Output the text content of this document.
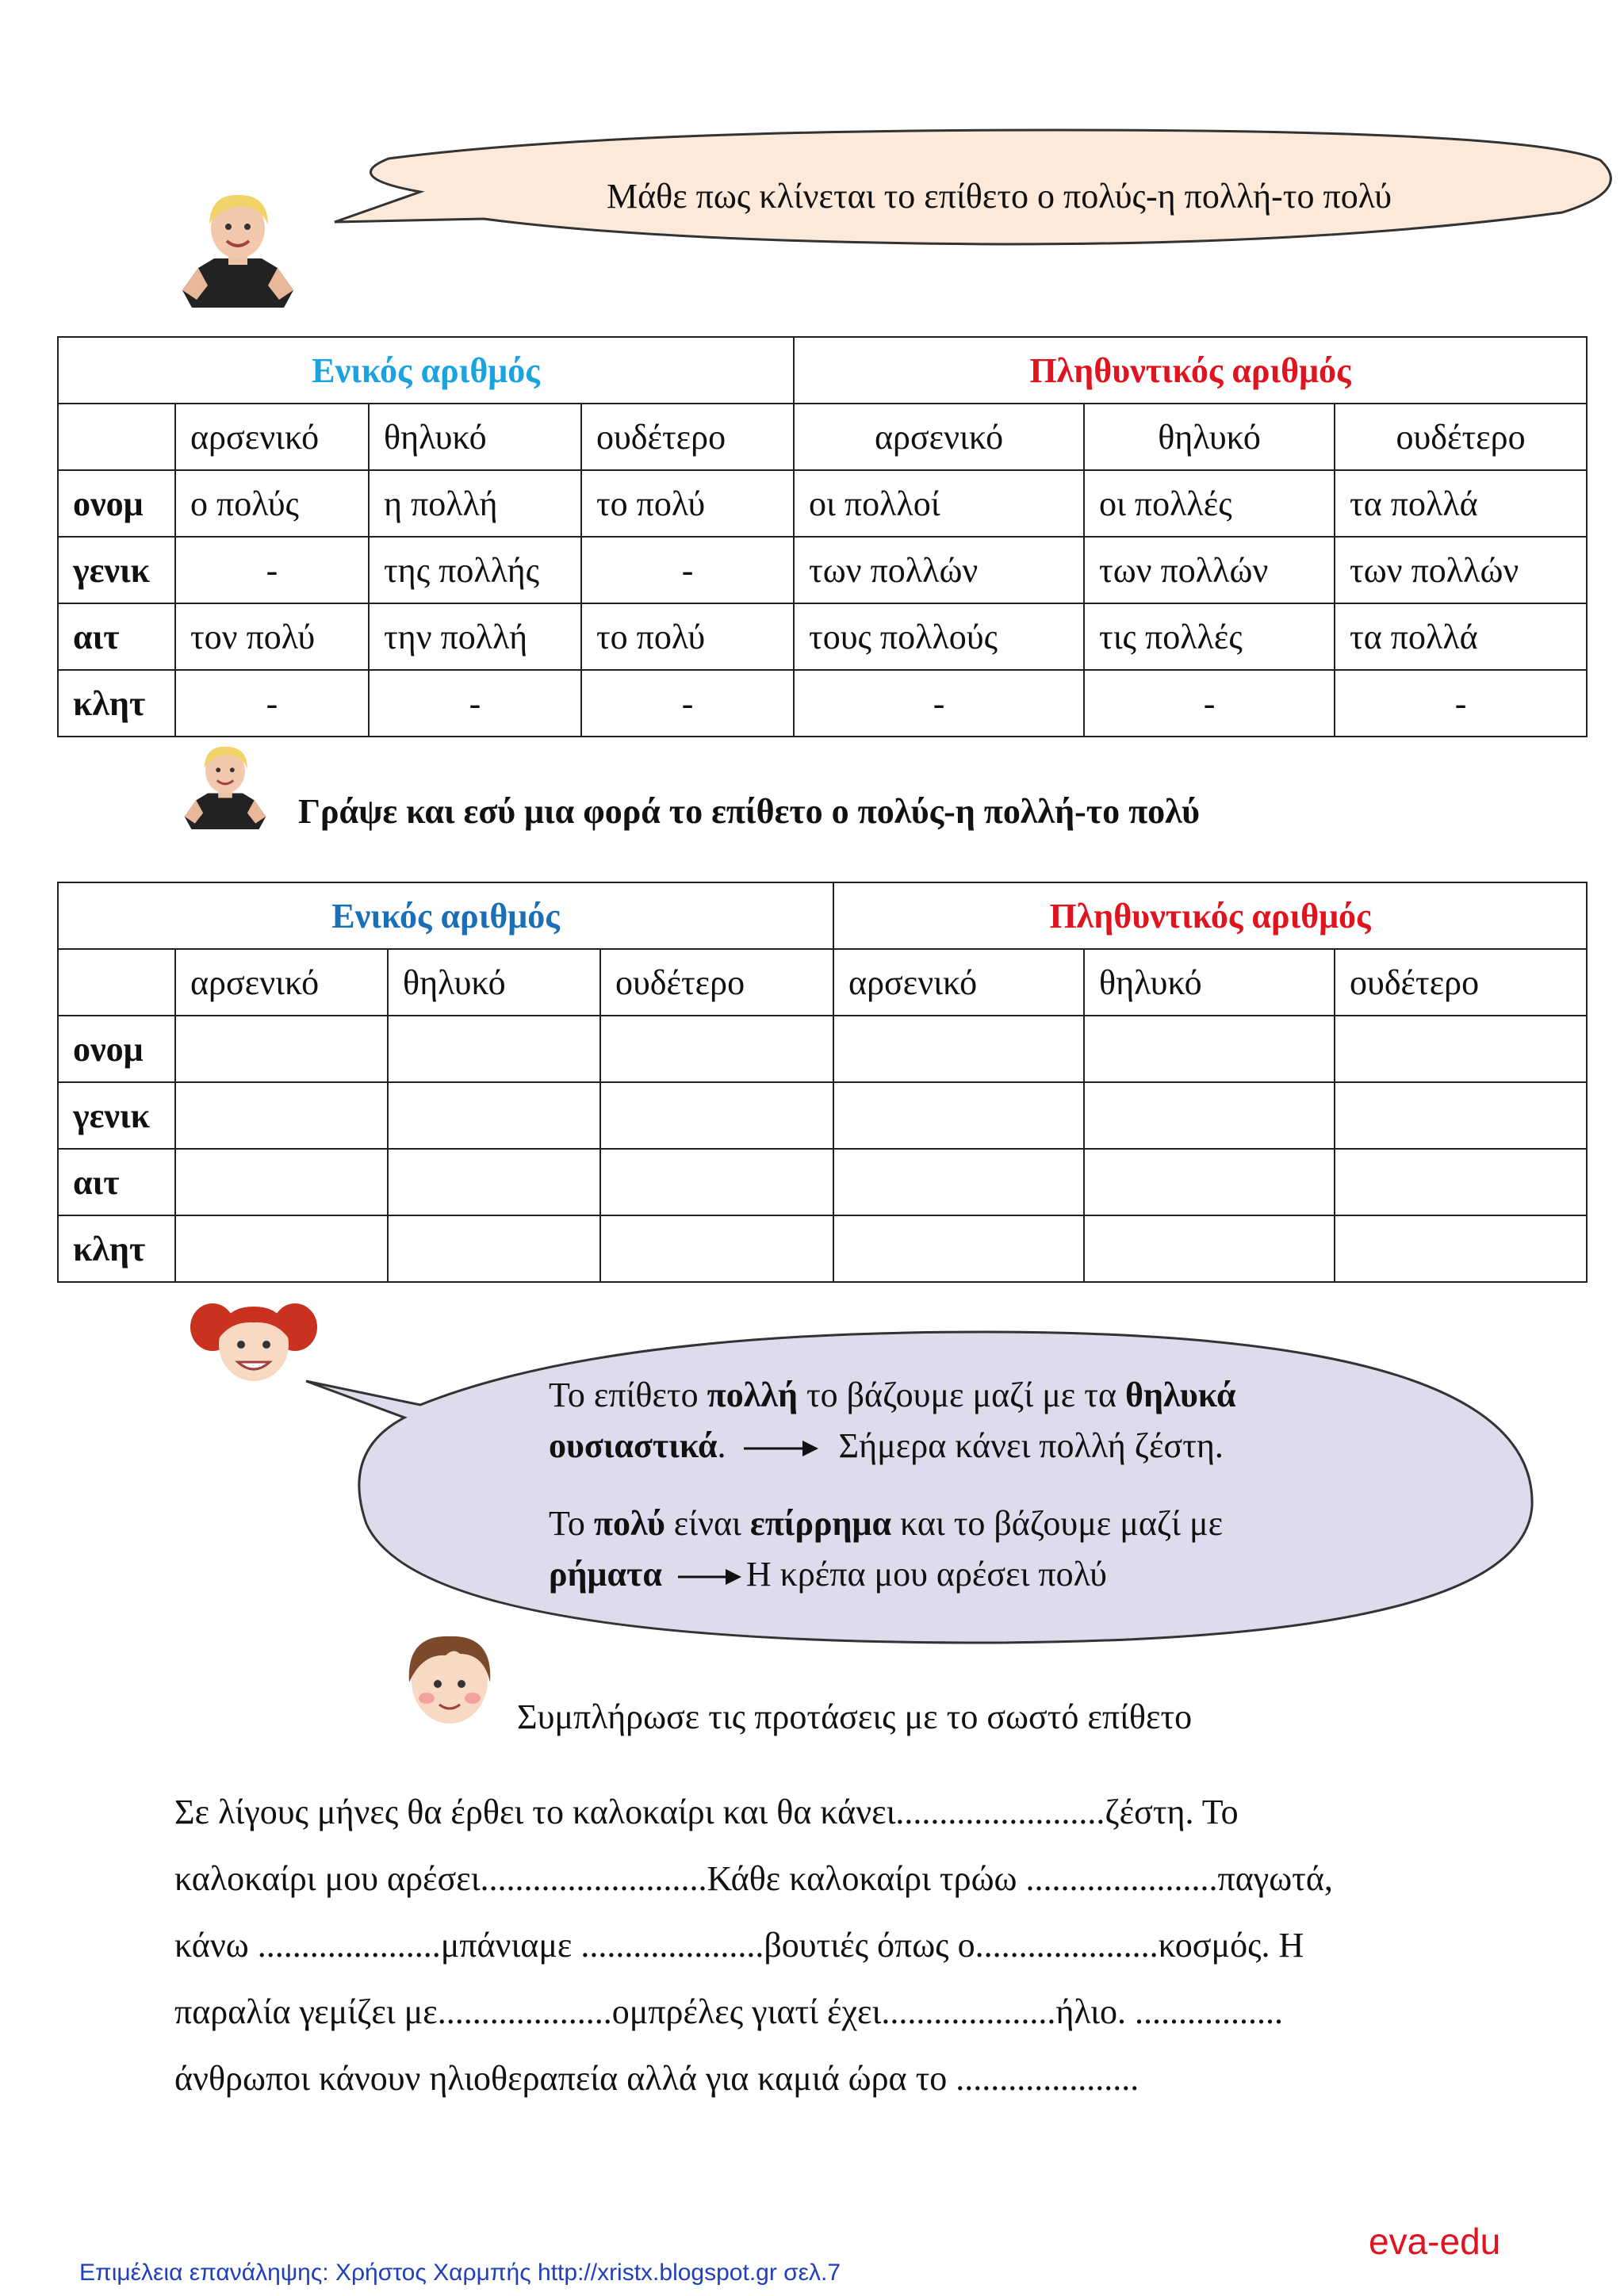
Μάθε πως κλίνεται το επίθετο ο πολύς-η πολλή-το πολύ
Ενικός αριθμός				Πληθυντικός αριθμός		
	αρσενικό	θηλυκό	ουδέτερο	αρσενικό	θηλυκό	ουδέτερο
ονομ	ο πολύς	η πολλή	το πολύ	οι πολλοί	οι πολλές	τα πολλά
γενικ	-	της πολλής	-	των πολλών	των πολλών	των πολλών
αιτ	τον πολύ	την πολλή	το πολύ	τους πολλούς	τις πολλές	τα πολλά
κλητ	-	-	-	-	-	-
Γράψε και εσύ μια φορά το επίθετο ο πολύς-η πολλή-το πολύ
Ενικός αριθμός				Πληθυντικός αριθμός		
	αρσενικό	θηλυκό	ουδέτερο	αρσενικό	θηλυκό	ουδέτερο
ονομ						
γενικ						
αιτ						
κλητ						
Το επίθετο πολλή το βάζουμε μαζί με τα θηλυκά
ουσιαστικά.	Σήμερα κάνει πολλή ζέστη.
Το πολύ είναι επίρρημα και το βάζουμε μαζί με
ρήματα Η κρέπα μου αρέσει πολύ
Συμπλήρωσε τις προτάσεις με το σωστό επίθετο
Σε λίγους μήνες θα έρθει το καλοκαίρι και θα κάνει........................ζέστη. Το
καλοκαίρι μου αρέσει..........................Κάθε καλοκαίρι τρώω ......................παγωτά,
κάνω .....................μπάνιαμε .....................βουτιές όπως ο.....................κοσμός. Η
παραλία γεμίζει με....................ομπρέλες γιατί έχει....................ήλιο. .................
άνθρωποι κάνουν ηλιοθεραπεία αλλά για καμιά ώρα το .....................
eva-edu
Επιμέλεια επανάληψης: Χρήστος Χαρμπής http://xristx.blogspot.gr σελ.7
